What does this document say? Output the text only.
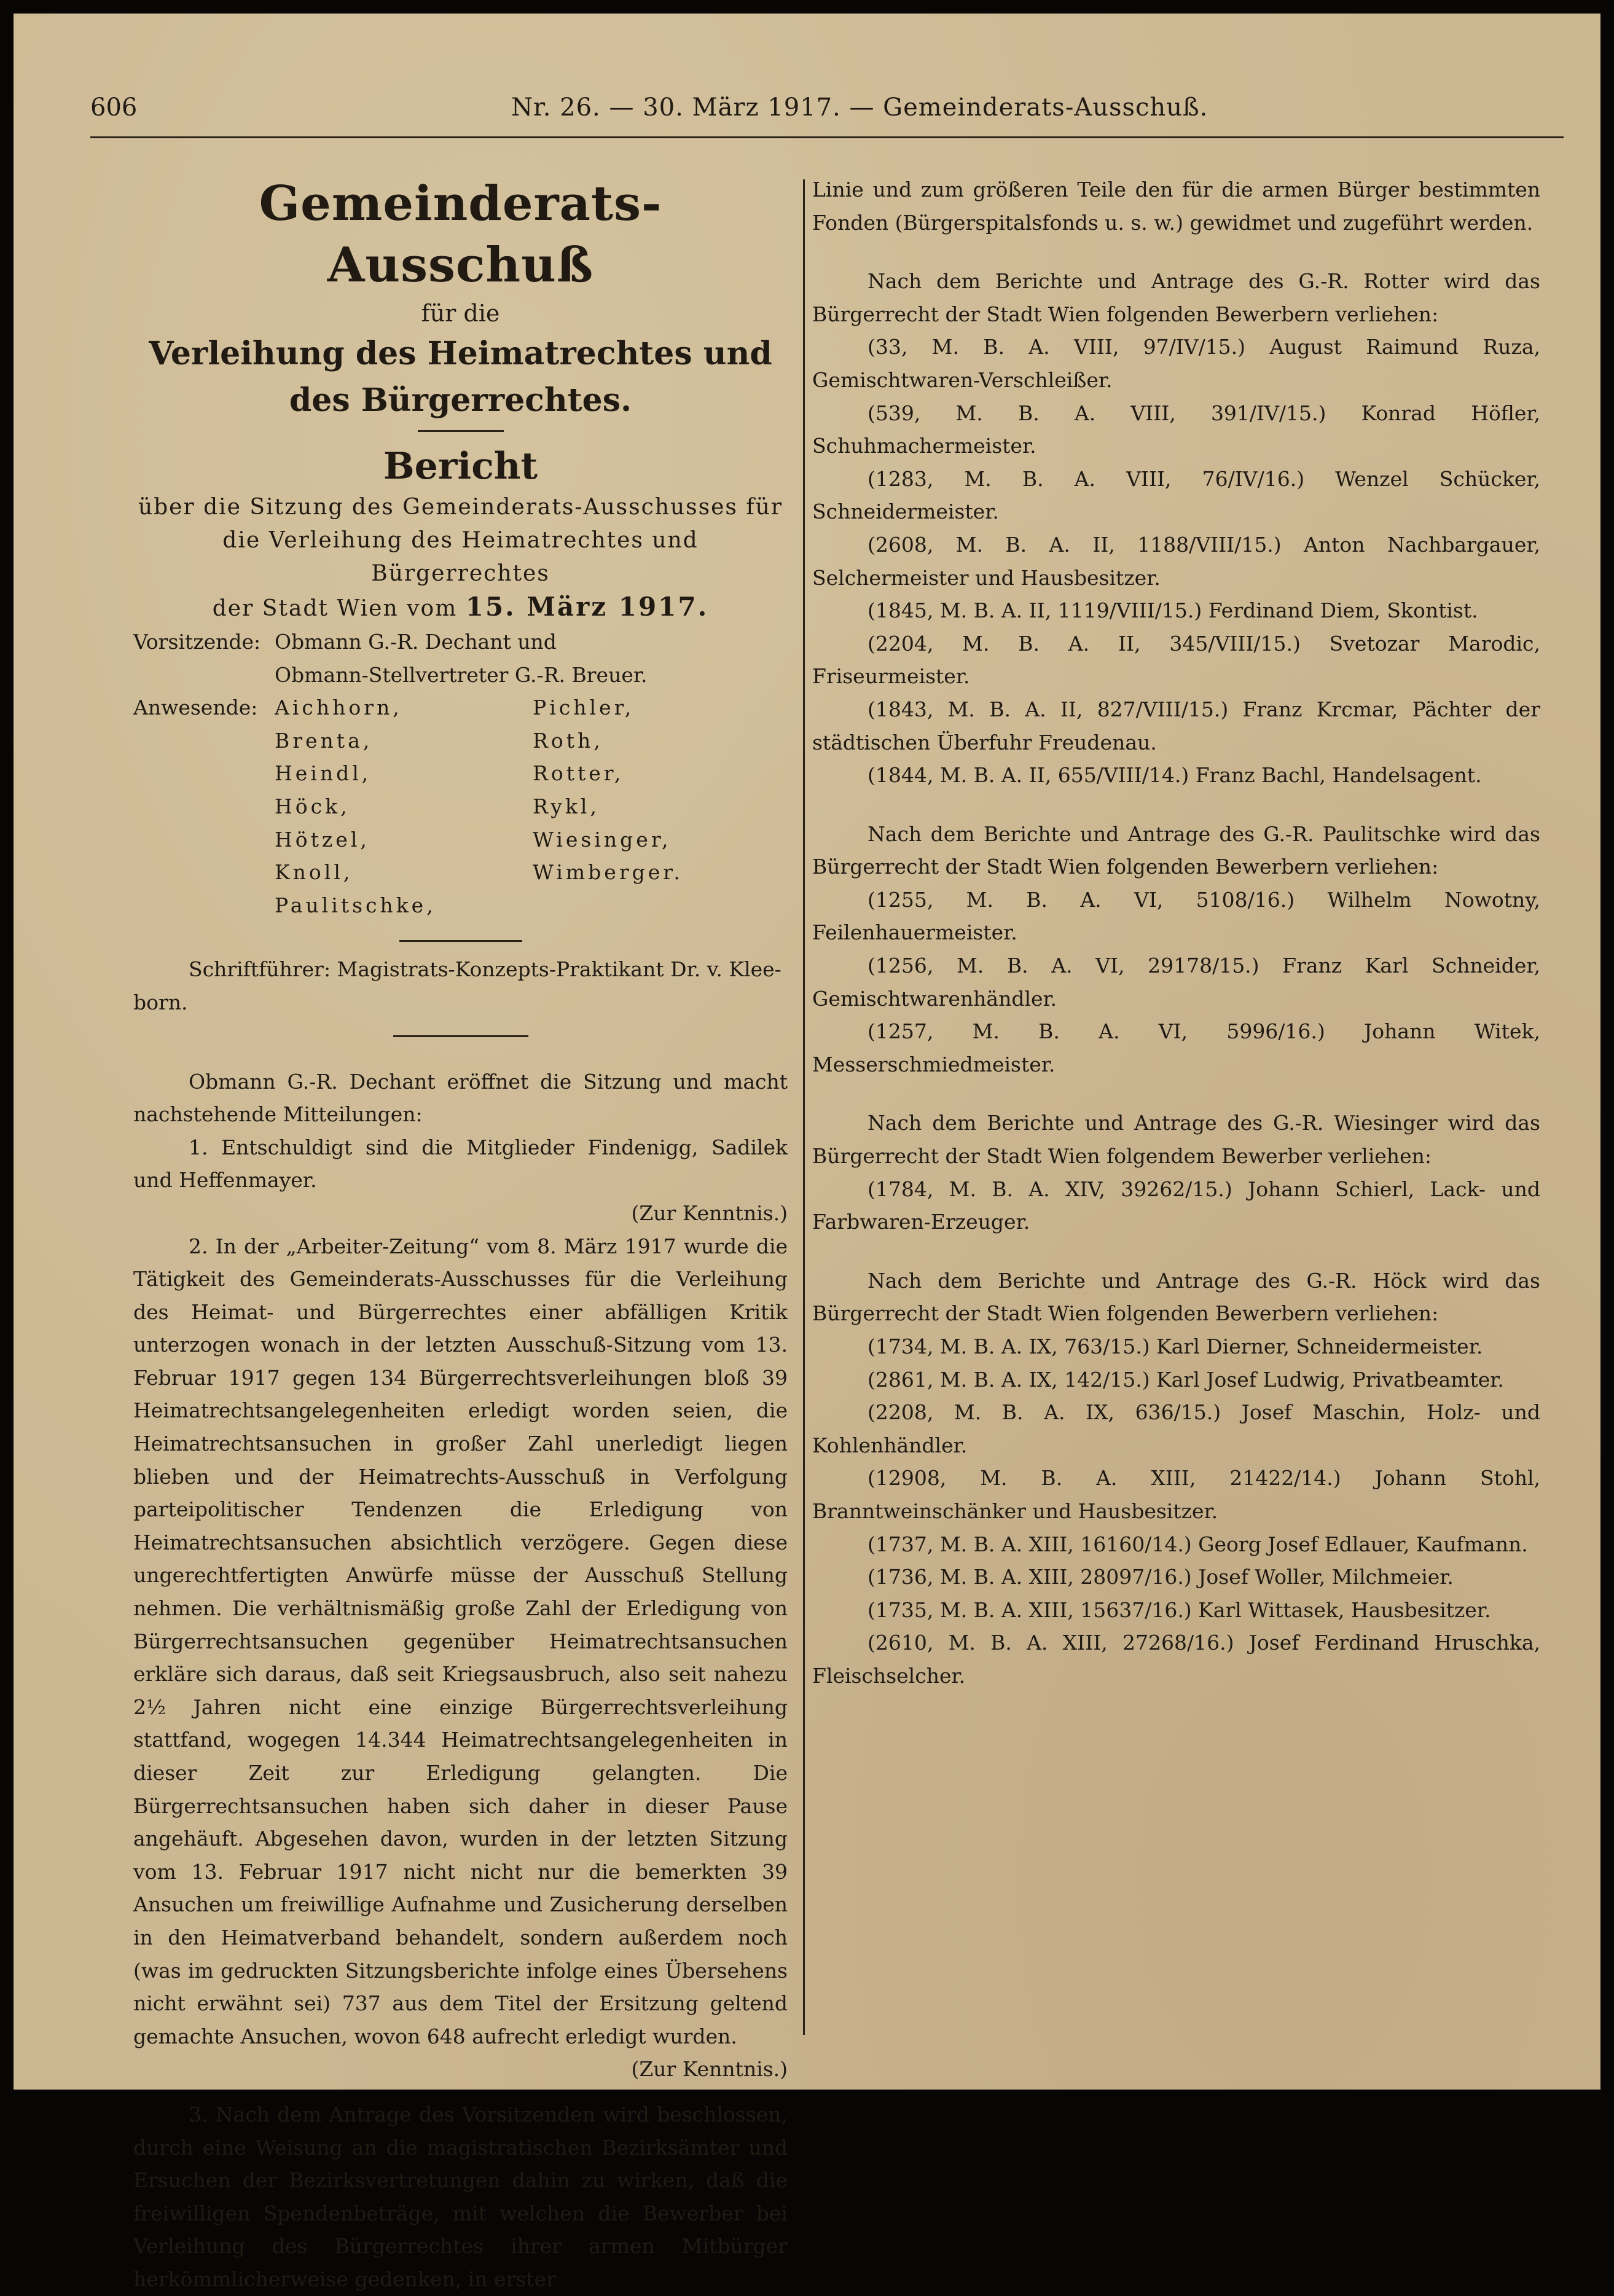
606	Nr. 26. — 30. März 1917. — Gemeinderats-Ausschuß.
Gemeinderats-Ausschuß
für die
Verleihung des Heimatrechtes und des Bürgerrechtes.
Bericht
über die Sitzung des Gemeinderats-Ausschusses für
die Verleihung des Heimatrechtes und Bürgerrechtes
der Stadt Wien vom 15. März 1917.
Vorsitzende: Obmann G.-R. Dechant und
Obmann-Stellvertreter G.-R. Breuer.
Anwesende: Aichhorn,
Brenta,
Heindl,
Höck,
Hötzel,
Knoll,
Paulitschke,
Pichler,
Roth,
Rotter,
Rykl,
Wiesinger,
Wimberger.

Schriftführer: Magistrats-Konzepts-Praktikant Dr. v. Klee-

born.

Obmann G.-R. Dechant eröffnet die Sitzung und macht nachstehende Mitteilungen:

1. Entschuldigt sind die Mitglieder Findenigg, Sadilek und Heffenmayer.

(Zur Kenntnis.)

2. In der „Arbeiter-Zeitung“ vom 8. März 1917 wurde die Tätigkeit des Gemeinderats-Ausschusses für die Verleihung des Heimat- und Bürgerrechtes einer abfälligen Kritik unterzogen wonach in der letzten Ausschuß-Sitzung vom 13. Februar 1917 gegen 134 Bürgerrechtsverleihungen bloß 39 Heimatrechtsangelegenheiten erledigt worden seien, die Heimatrechtsansuchen in großer Zahl unerledigt liegen blieben und der Heimatrechts-Ausschuß in Verfolgung parteipolitischer Tendenzen die Erledigung von Heimatrechtsansuchen absichtlich verzögere. Gegen diese ungerechtfertigten Anwürfe müsse der Ausschuß Stellung nehmen. Die verhältnismäßig große Zahl der Erledigung von Bürgerrechtsansuchen gegenüber Heimatrechtsansuchen erkläre sich daraus, daß seit Kriegsausbruch, also seit nahezu 2½ Jahren nicht eine einzige Bürgerrechtsverleihung stattfand, wogegen 14.344 Heimatrechtsangelegenheiten in dieser Zeit zur Erledigung gelangten. Die Bürgerrechtsansuchen haben sich daher in dieser Pause angehäuft. Abgesehen davon, wurden in der letzten Sitzung vom 13. Februar 1917 nicht nicht nur die bemerkten 39 Ansuchen um freiwillige Aufnahme und Zusicherung derselben in den Heimatverband behandelt, sondern außerdem noch (was im gedruckten Sitzungsberichte infolge eines Übersehens nicht erwähnt sei) 737 aus dem Titel der Ersitzung geltend gemachte Ansuchen, wovon 648 aufrecht erledigt wurden.

(Zur Kenntnis.)

3. Nach dem Antrage des Vorsitzenden wird beschlossen, durch eine Weisung an die magistratischen Bezirksämter und Ersuchen der Bezirksvertretungen dahin zu wirken, daß die freiwilligen Spendenbeträge, mit welchen die Bewerber bei Verleihung des Bürgerrechtes ihrer armen Mitbürger herkömmlicherweise gedenken, in erster

Linie und zum größeren Teile den für die armen Bürger bestimmten Fonden (Bürgerspitalsfonds u. s. w.) gewidmet und zugeführt werden.

Nach dem Berichte und Antrage des G.-R. Rotter wird das Bürgerrecht der Stadt Wien folgenden Bewerbern verliehen:

(33, M. B. A. VIII, 97/IV/15.) August Raimund Ruza, Gemischtwaren-Verschleißer.

(539, M. B. A. VIII, 391/IV/15.) Konrad Höfler, Schuhmachermeister.

(1283, M. B. A. VIII, 76/IV/16.) Wenzel Schücker, Schneidermeister.

(2608, M. B. A. II, 1188/VIII/15.) Anton Nachbargauer, Selchermeister und Hausbesitzer.

(1845, M. B. A. II, 1119/VIII/15.) Ferdinand Diem, Skontist.

(2204, M. B. A. II, 345/VIII/15.) Svetozar Marodic, Friseurmeister.

(1843, M. B. A. II, 827/VIII/15.) Franz Krcmar, Pächter der städtischen Überfuhr Freudenau.

(1844, M. B. A. II, 655/VIII/14.) Franz Bachl, Handelsagent.

Nach dem Berichte und Antrage des G.-R. Paulitschke wird das Bürgerrecht der Stadt Wien folgenden Bewerbern verliehen:

(1255, M. B. A. VI, 5108/16.) Wilhelm Nowotny, Feilenhauermeister.

(1256, M. B. A. VI, 29178/15.) Franz Karl Schneider, Gemischtwarenhändler.

(1257, M. B. A. VI, 5996/16.) Johann Witek, Messerschmiedmeister.

Nach dem Berichte und Antrage des G.-R. Wiesinger wird das Bürgerrecht der Stadt Wien folgendem Bewerber verliehen:

(1784, M. B. A. XIV, 39262/15.) Johann Schierl, Lack- und Farbwaren-Erzeuger.

Nach dem Berichte und Antrage des G.-R. Höck wird das Bürgerrecht der Stadt Wien folgenden Bewerbern verliehen:

(1734, M. B. A. IX, 763/15.) Karl Dierner, Schneidermeister.

(2861, M. B. A. IX, 142/15.) Karl Josef Ludwig, Privatbeamter.

(2208, M. B. A. IX, 636/15.) Josef Maschin, Holz- und Kohlenhändler.

(12908, M. B. A. XIII, 21422/14.) Johann Stohl, Branntweinschänker und Hausbesitzer.

(1737, M. B. A. XIII, 16160/14.) Georg Josef Edlauer, Kaufmann.

(1736, M. B. A. XIII, 28097/16.) Josef Woller, Milchmeier.

(1735, M. B. A. XIII, 15637/16.) Karl Wittasek, Hausbesitzer.

(2610, M. B. A. XIII, 27268/16.) Josef Ferdinand Hruschka, Fleischselcher.
